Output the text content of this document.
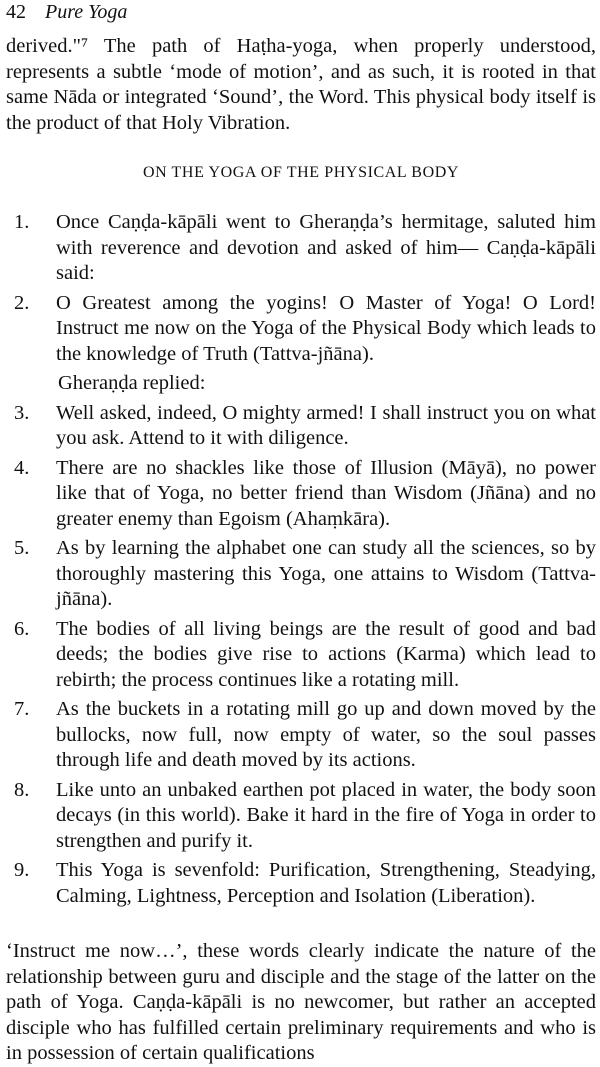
42 Pure Yoga

derived."⁷ The path of Haṭha-yoga, when properly understood, represents a subtle ‘mode of motion’, and as such, it is rooted in that same Nāda or integrated ‘Sound’, the Word. This physical body itself is the product of that Holy Vibration.

ON THE YOGA OF THE PHYSICAL BODY
1. Once Caṇḍa-kāpāli went to Gheraṇḍa’s hermitage, saluted him with reverence and devotion and asked of him— Caṇḍa-kāpāli said:
2. O Greatest among the yogins! O Master of Yoga! O Lord! Instruct me now on the Yoga of the Physical Body which leads to the knowledge of Truth (Tattva-jñāna).
Gheraṇḍa replied:
3. Well asked, indeed, O mighty armed! I shall instruct you on what you ask. Attend to it with diligence.
4. There are no shackles like those of Illusion (Māyā), no power like that of Yoga, no better friend than Wisdom (Jñāna) and no greater enemy than Egoism (Ahaṃkāra).
5. As by learning the alphabet one can study all the sciences, so by thoroughly mastering this Yoga, one attains to Wisdom (Tattva-jñāna).
6. The bodies of all living beings are the result of good and bad deeds; the bodies give rise to actions (Karma) which lead to rebirth; the process continues like a rotating mill.
7. As the buckets in a rotating mill go up and down moved by the bullocks, now full, now empty of water, so the soul passes through life and death moved by its actions.
8. Like unto an unbaked earthen pot placed in water, the body soon decays (in this world). Bake it hard in the fire of Yoga in order to strengthen and purify it.
9. This Yoga is sevenfold: Purification, Strengthening, Steadying, Calming, Lightness, Perception and Isolation (Liberation).

‘Instruct me now…’, these words clearly indicate the nature of the relationship between guru and disciple and the stage of the latter on the path of Yoga. Caṇḍa-kāpāli is no newcomer, but rather an accepted disciple who has fulfilled certain preliminary requirements and who is in possession of certain qualifications
